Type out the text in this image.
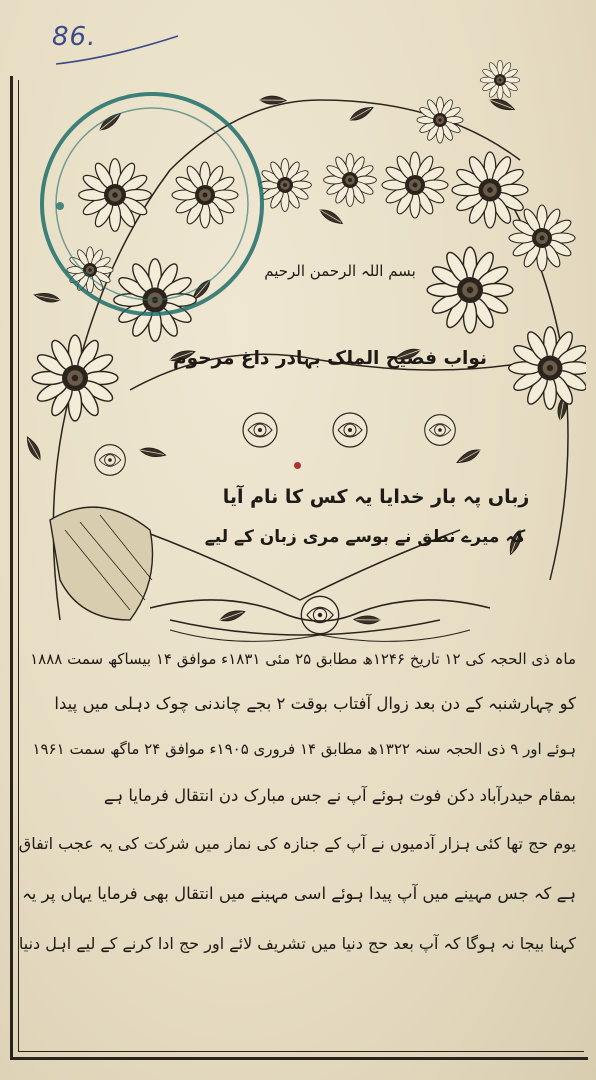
86.
بسم اللہ الرحمن الرحیم
نواب فصیح الملک بہادر داغ مرحوم
زباں پہ بار خدایا یہ کس کا نام آیا
کہ میرے نطق نے بوسے مری زبان کے لیے
ماہ ذی الحجہ کی ۱۲ تاریخ ۱۲۴۶ھ مطابق ۲۵ مئی ۱۸۳۱ء موافق ۱۴ بیساکھ سمت ۱۸۸۸
کو چہارشنبہ کے دن بعد زوال آفتاب بوقت ۲ بجے چاندنی چوک دہلی میں پیدا
ہوئے اور ۹ ذی الحجہ سنہ ۱۳۲۲ھ مطابق ۱۴ فروری ۱۹۰۵ء موافق ۲۴ ماگھ سمت ۱۹۶۱
بمقام حیدرآباد دکن فوت ہوئے آپ نے جس مبارک دن انتقال فرمایا ہے
یوم حج تھا کئی ہزار آدمیوں نے آپ کے جنازہ کی نماز میں شرکت کی یہ عجب اتفاق
ہے کہ جس مہینے میں آپ پیدا ہوئے اسی مہینے میں انتقال بھی فرمایا یہاں پر یہ
کہنا بیجا نہ ہوگا کہ آپ بعد حج دنیا میں تشریف لائے اور حج ادا کرنے کے لیے اہل دنیا
